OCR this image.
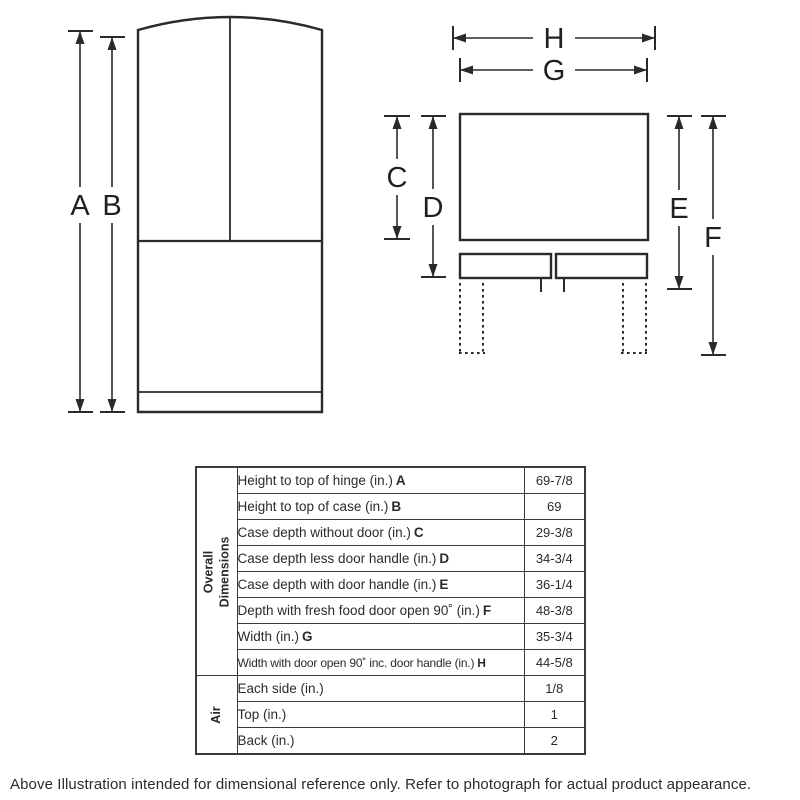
A B
H
G
C
D	E
F
Overall Dimensions	Height to top of hinge (in.) A	69-7/8
	Height to top of case (in.) B	69
	Case depth without door (in.) C	29-3/8
	Case depth less door handle (in.) D	34-3/4
	Case depth with door handle (in.) E	36-1/4
	Depth with fresh food door open 90˚ (in.) F	48-3/8
	Width (in.) G	35-3/4
	Width with door open 90˚ inc. door handle (in.) H	44-5/8

Air	Each side (in.)	1/8
	Top (in.)	1
	Back (in.)	2
Above Illustration intended for dimensional reference only. Refer to photograph for actual product appearance.
